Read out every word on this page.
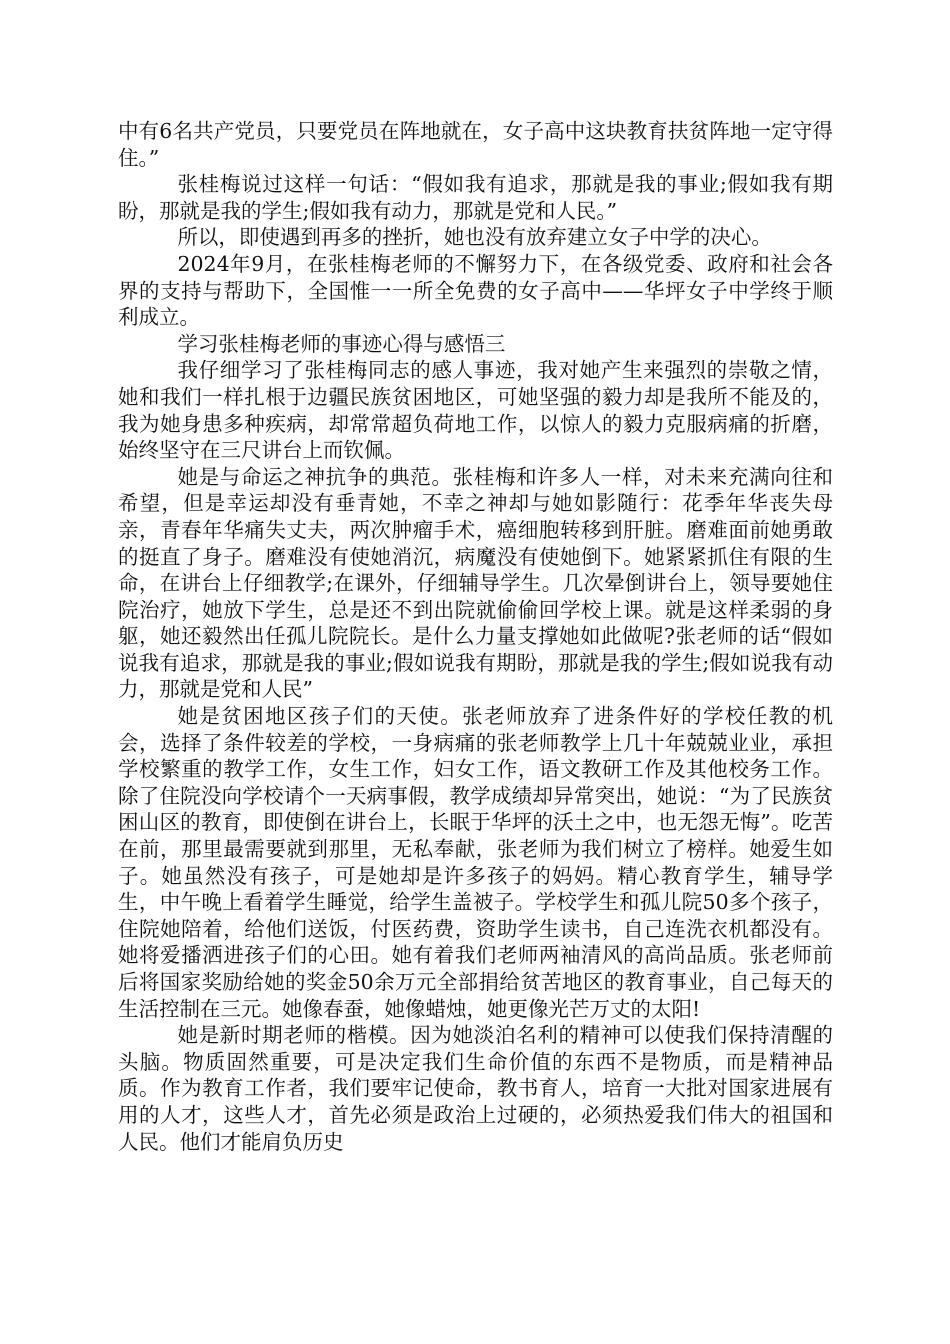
中有6名共产党员，只要党员在阵地就在，女子高中这块教育扶贫阵地一定守得住。”

张桂梅说过这样一句话：“假如我有追求，那就是我的事业;假如我有期盼，那就是我的学生;假如我有动力，那就是党和人民。”

所以，即使遇到再多的挫折，她也没有放弃建立女子中学的决心。

2024年9月，在张桂梅老师的不懈努力下，在各级党委、政府和社会各界的支持与帮助下，全国惟一一所全免费的女子高中——华坪女子中学终于顺利成立。

学习张桂梅老师的事迹心得与感悟三

我仔细学习了张桂梅同志的感人事迹，我对她产生来强烈的崇敬之情，她和我们一样扎根于边疆民族贫困地区，可她坚强的毅力却是我所不能及的，我为她身患多种疾病，却常常超负荷地工作，以惊人的毅力克服病痛的折磨，始终坚守在三尺讲台上而钦佩。

她是与命运之神抗争的典范。张桂梅和许多人一样，对未来充满向往和希望，但是幸运却没有垂青她，不幸之神却与她如影随行：花季年华丧失母亲，青春年华痛失丈夫，两次肿瘤手术，癌细胞转移到肝脏。磨难面前她勇敢的挺直了身子。磨难没有使她消沉，病魔没有使她倒下。她紧紧抓住有限的生命，在讲台上仔细教学;在课外，仔细辅导学生。几次晕倒讲台上，领导要她住院治疗，她放下学生，总是还不到出院就偷偷回学校上课。就是这样柔弱的身躯，她还毅然出任孤儿院院长。是什么力量支撑她如此做呢?张老师的话“假如说我有追求，那就是我的事业;假如说我有期盼，那就是我的学生;假如说我有动力，那就是党和人民”

她是贫困地区孩子们的天使。张老师放弃了进条件好的学校任教的机会，选择了条件较差的学校，一身病痛的张老师教学上几十年兢兢业业，承担学校繁重的教学工作，女生工作，妇女工作，语文教研工作及其他校务工作。除了住院没向学校请个一天病事假，教学成绩却异常突出，她说：“为了民族贫困山区的教育，即使倒在讲台上，长眠于华坪的沃土之中，也无怨无悔”。吃苦在前，那里最需要就到那里，无私奉献，张老师为我们树立了榜样。她爱生如子。她虽然没有孩子，可是她却是许多孩子的妈妈。精心教育学生，辅导学生，中午晚上看着学生睡觉，给学生盖被子。学校学生和孤儿院50多个孩子，住院她陪着，给他们送饭，付医药费，资助学生读书，自己连洗衣机都没有。她将爱播洒进孩子们的心田。她有着我们老师两袖清风的高尚品质。张老师前后将国家奖励给她的奖金50余万元全部捐给贫苦地区的教育事业，自己每天的生活控制在三元。她像春蚕，她像蜡烛，她更像光芒万丈的太阳!

她是新时期老师的楷模。因为她淡泊名利的精神可以使我们保持清醒的头脑。物质固然重要，可是决定我们生命价值的东西不是物质，而是精神品质。作为教育工作者，我们要牢记使命，教书育人，培育一大批对国家进展有用的人才，这些人才，首先必须是政治上过硬的，必须热爱我们伟大的祖国和人民。他们才能肩负历史
